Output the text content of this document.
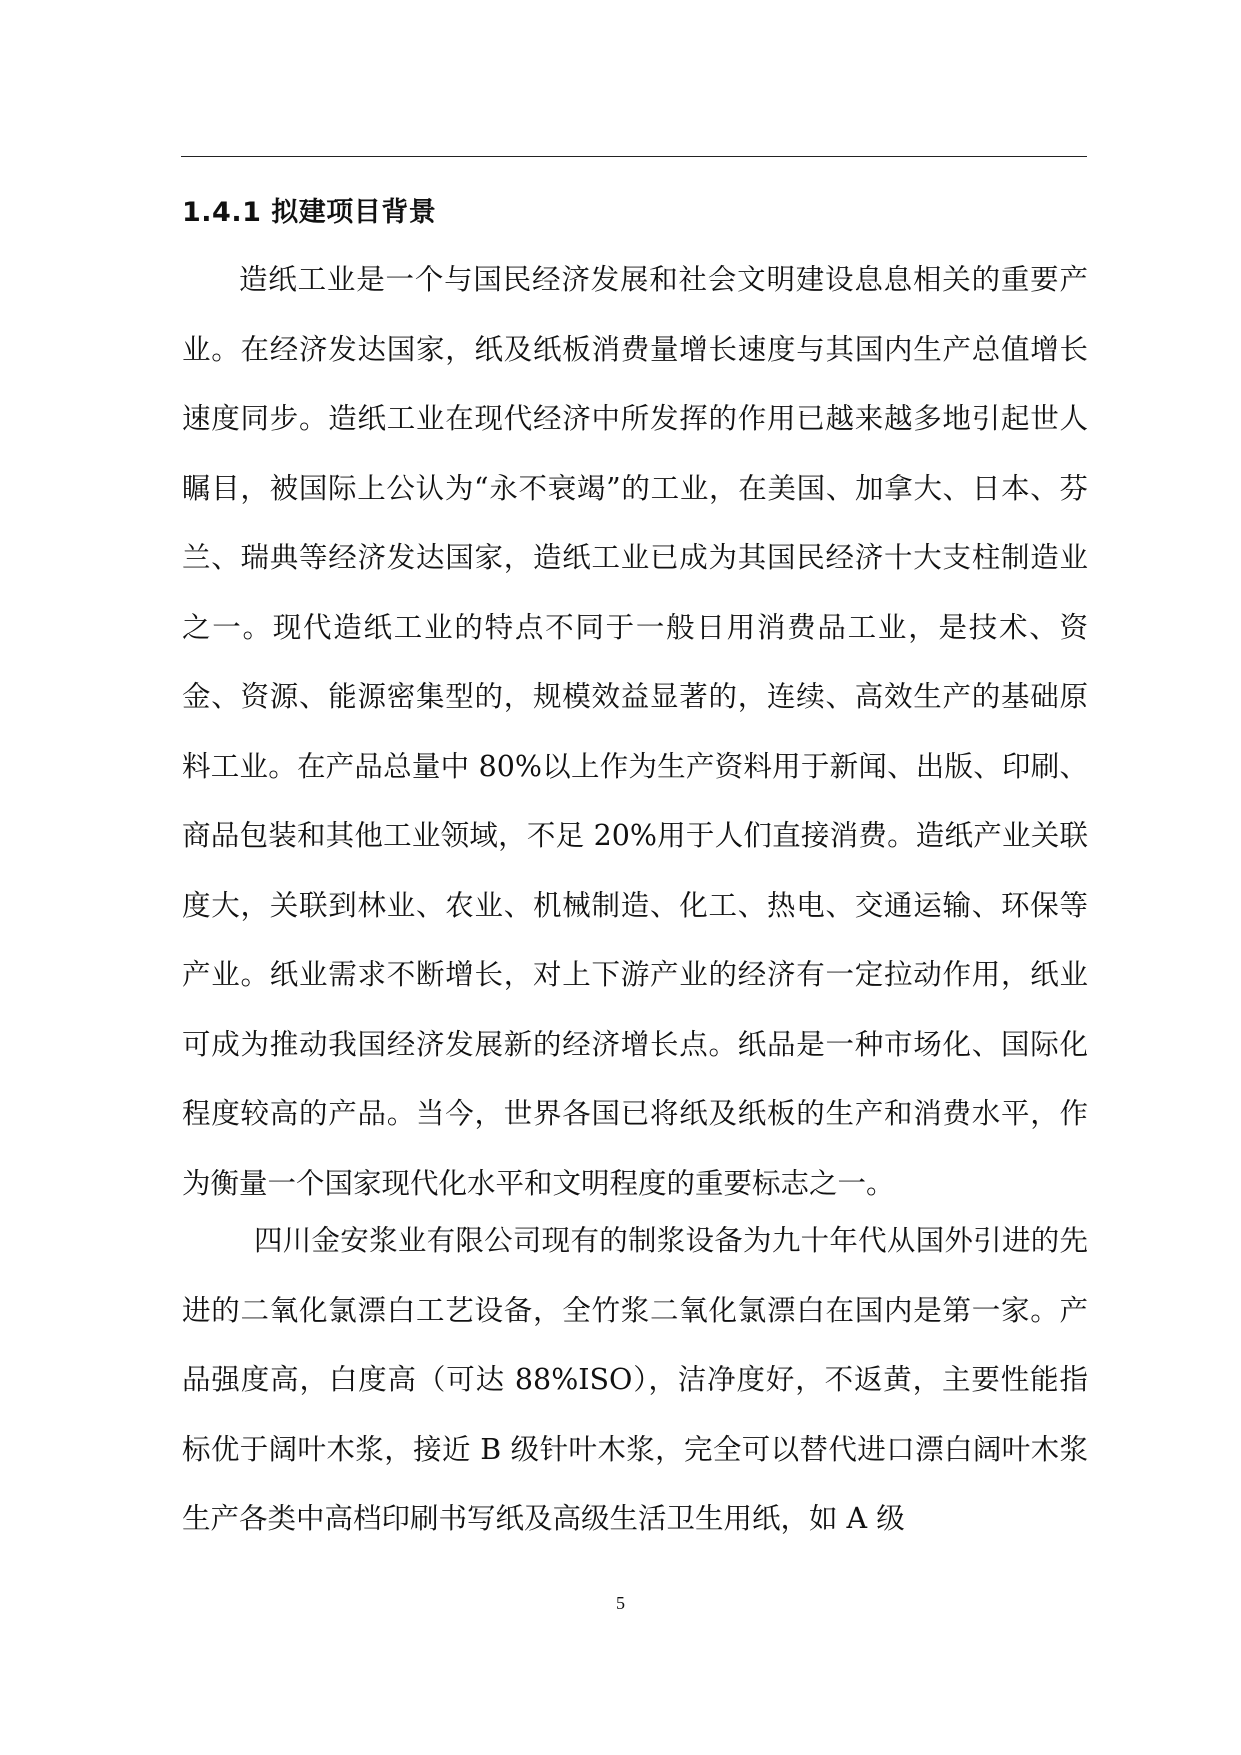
1.4.1 拟建项目背景

造纸工业是一个与国民经济发展和社会文明建设息息相关的重要产业。在经济发达国家，纸及纸板消费量增长速度与其国内生产总值增长速度同步。造纸工业在现代经济中所发挥的作用已越来越多地引起世人瞩目，被国际上公认为“永不衰竭”的工业，在美国、加拿大、日本、芬兰、瑞典等经济发达国家，造纸工业已成为其国民经济十大支柱制造业之一。现代造纸工业的特点不同于一般日用消费品工业，是技术、资金、资源、能源密集型的，规模效益显著的，连续、高效生产的基础原料工业。在产品总量中 80%以上作为生产资料用于新闻、出版、印刷、商品包装和其他工业领域，不足 20%用于人们直接消费。造纸产业关联度大，关联到林业、农业、机械制造、化工、热电、交通运输、环保等产业。纸业需求不断增长，对上下游产业的经济有一定拉动作用，纸业可成为推动我国经济发展新的经济增长点。纸品是一种市场化、国际化程度较高的产品。当今，世界各国已将纸及纸板的生产和消费水平，作为衡量一个国家现代化水平和文明程度的重要标志之一。

四川金安浆业有限公司现有的制浆设备为九十年代从国外引进的先进的二氧化氯漂白工艺设备，全竹浆二氧化氯漂白在国内是第一家。产品强度高，白度高（可达 88%ISO），洁净度好，不返黄，主要性能指标优于阔叶木浆，接近 B 级针叶木浆，完全可以替代进口漂白阔叶木浆生产各类中高档印刷书写纸及高级生活卫生用纸，如 A 级

5
